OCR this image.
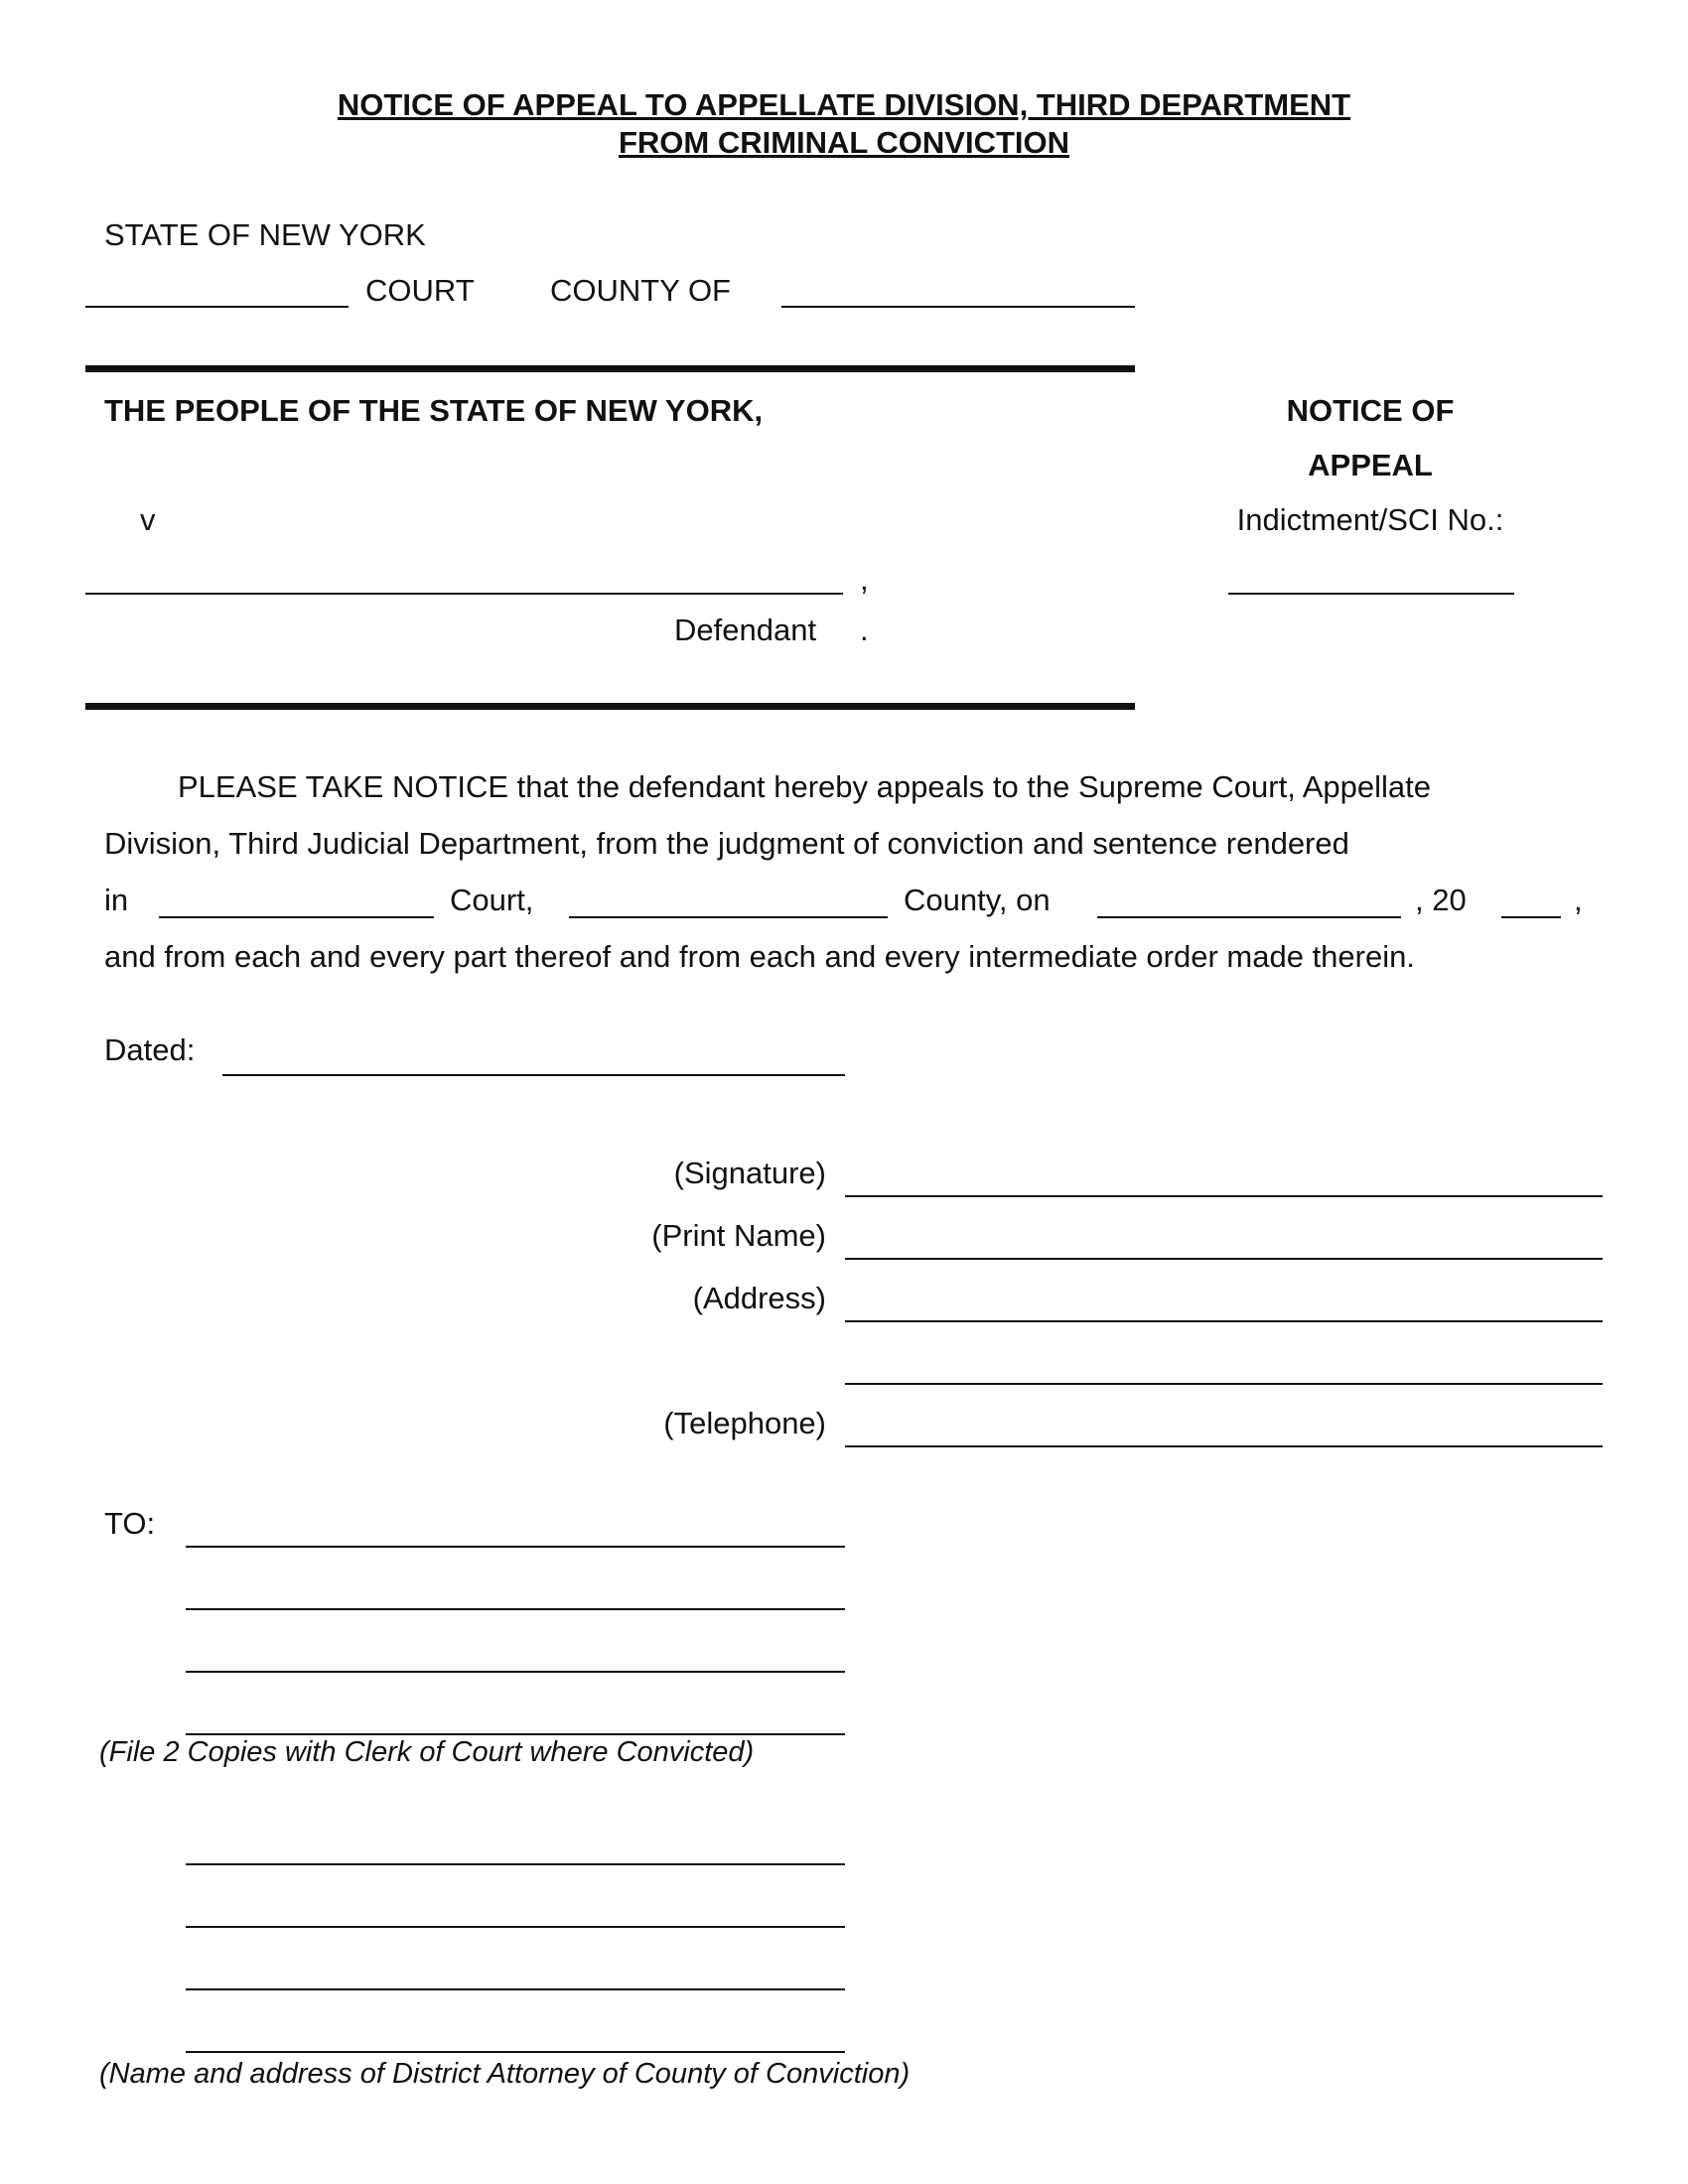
NOTICE OF APPEAL TO APPELLATE DIVISION, THIRD DEPARTMENT
FROM CRIMINAL CONVICTION
STATE OF NEW YORK
COURT COUNTY OF
THE PEOPLE OF THE STATE OF NEW YORK,	NOTICE OF
APPEAL
v	Indictment/SCI No.:
,
Defendant .
PLEASE TAKE NOTICE that the defendant hereby appeals to the Supreme Court, Appellate
Division, Third Judicial Department, from the judgment of conviction and sentence rendered
in	Court,	County, on	, 20	,
and from each and every part thereof and from each and every intermediate order made therein.
Dated:
(Signature)
(Print Name)
(Address)
(Telephone)
TO:
(File 2 Copies with Clerk of Court where Convicted)
(Name and address of District Attorney of County of Conviction)
